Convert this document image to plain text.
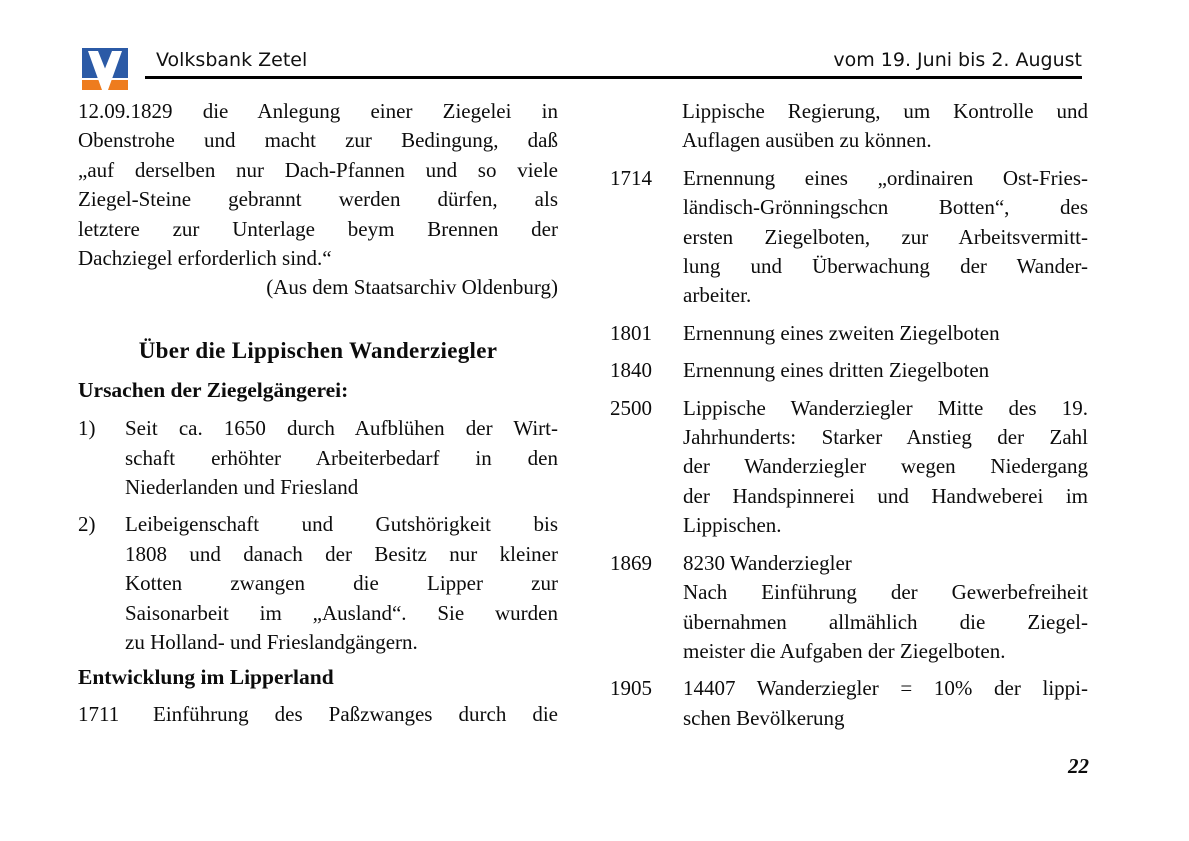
Volksbank Zetel	vom 19. Juni bis 2. August
12.09.1829 die Anlegung einer Ziegelei in
Obenstrohe und macht zur Bedingung, daß
„auf derselben nur Dach-Pfannen und so viele
Ziegel-Steine gebrannt werden dürfen, als
letztere zur Unterlage beym Brennen der
Dachziegel erforderlich sind.“
(Aus dem Staatsarchiv Oldenburg)
Über die Lippischen Wanderziegler
Ursachen der Ziegelgängerei:
1)	Seit ca. 1650 durch Aufblühen der Wirt-
schaft erhöhter Arbeiterbedarf in den
Niederlanden und Friesland
2)	Leibeigenschaft und Gutshörigkeit bis
1808 und danach der Besitz nur kleiner
Kotten zwangen die Lipper zur
Saisonarbeit im „Ausland“. Sie wurden
zu Holland- und Frieslandgängern.
Entwicklung im Lipperland
1711	Einführung des Paßzwanges durch die
Lippische Regierung, um Kontrolle und
Auflagen ausüben zu können.
1714	Ernennung eines „ordinairen Ost-Fries-
ländisch-Grönningschcn Botten“, des
ersten Ziegelboten, zur Arbeitsvermitt-
lung und Überwachung der Wander-
arbeiter.
1801	Ernennung eines zweiten Ziegelboten
1840	Ernennung eines dritten Ziegelboten
2500	Lippische Wanderziegler Mitte des 19.
Jahrhunderts: Starker Anstieg der Zahl
der Wanderziegler wegen Niedergang
der Handspinnerei und Handweberei im
Lippischen.
1869	8230 Wanderziegler
Nach Einführung der Gewerbefreiheit
übernahmen allmählich die Ziegel-
meister die Aufgaben der Ziegelboten.
1905	14407 Wanderziegler = 10% der lippi-
schen Bevölkerung
22
